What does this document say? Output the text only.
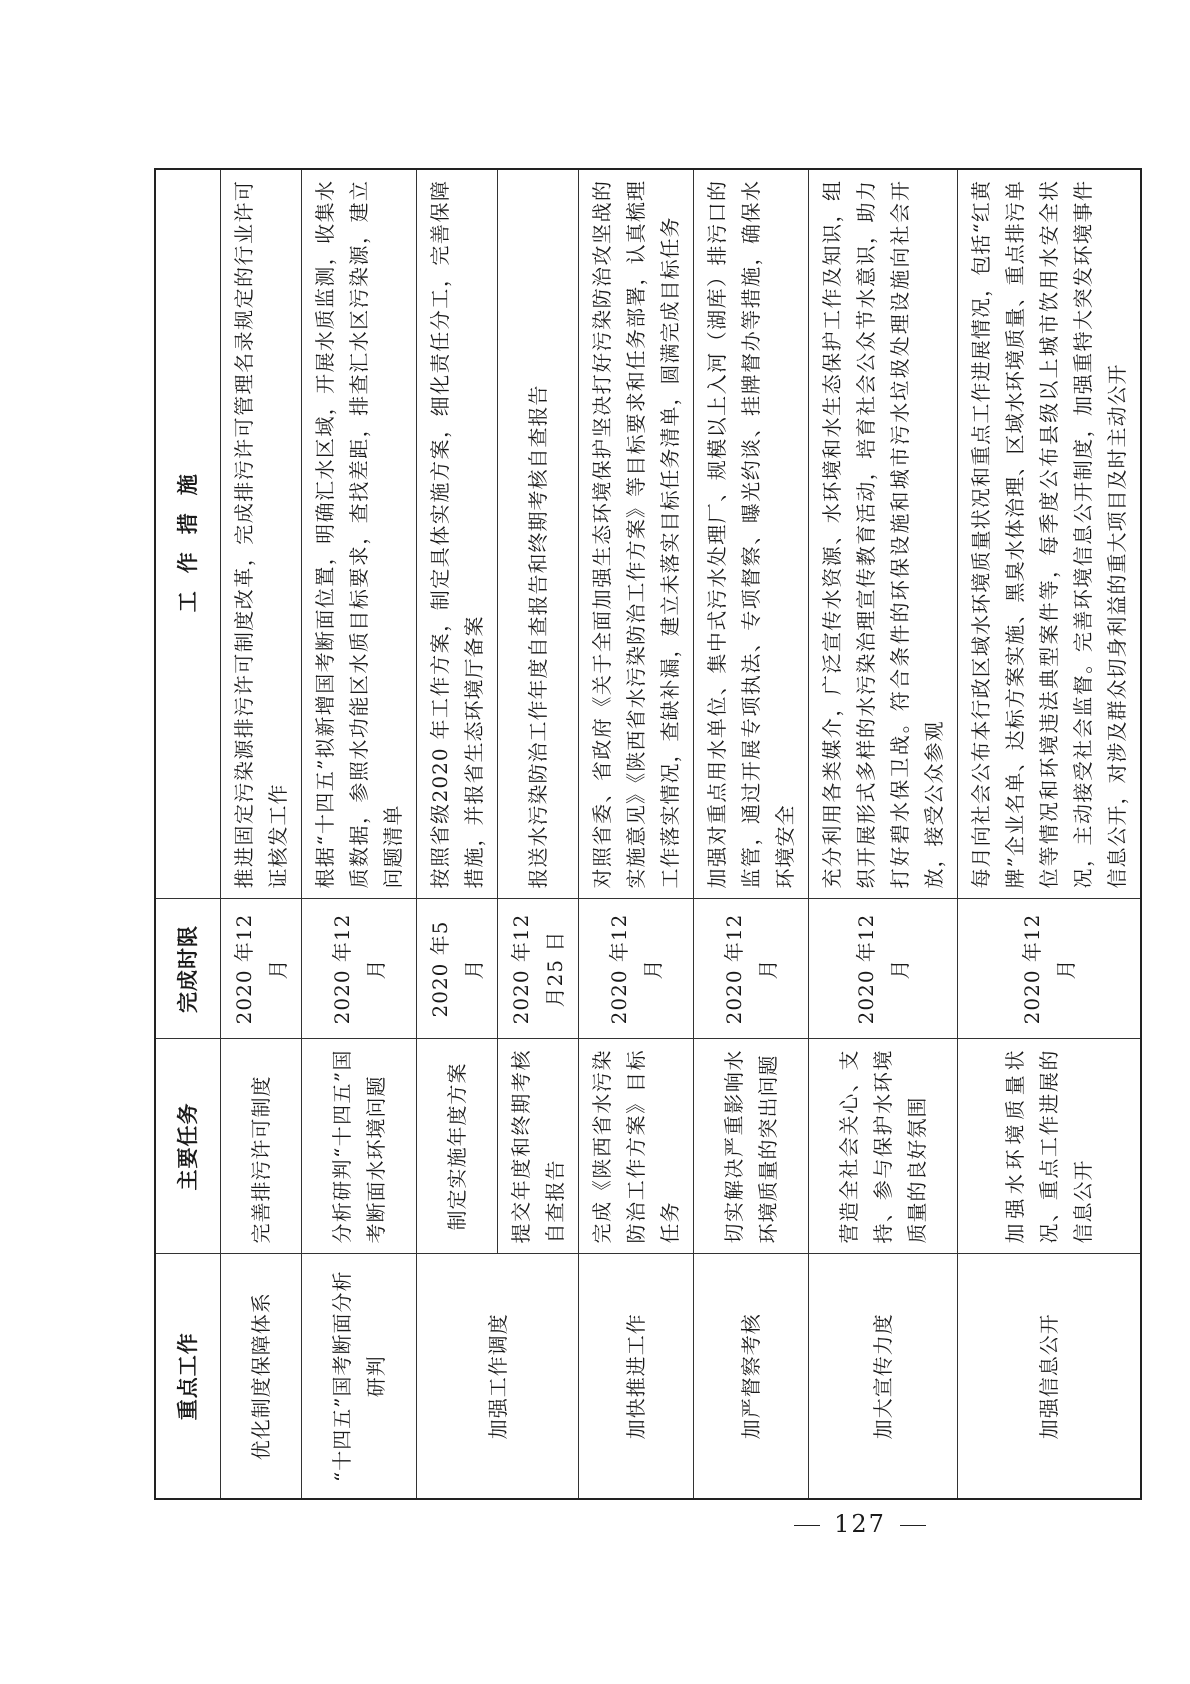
重点工作	主要任务	完成时限	工作措施
优化制度保障体系	完善排污许可制度	2020 年12 月	推进固定污染源排污许可制度改革，完成排污许可管理名录规定的行业许可证核发工作
“十四五”国考断面分析研判	分析研判“十四五”国考断面水环境问题	2020 年12 月	根据“十四五”拟新增国考断面位置，明确汇水区域，开展水质监测，收集水质数据，参照水功能区水质目标要求，查找差距，排查汇水区污染源，建立问题清单
加强工作调度	制定实施年度方案	2020 年5 月	按照省级2020 年工作方案，制定具体实施方案，细化责任分工，完善保障措施，并报省生态环境厅备案
	提交年度和终期考核自查报告	2020 年12 月25 日	报送水污染防治工作年度自查报告和终期考核自查报告
加快推进工作	完成《陕西省水污染防治工作方案》目标任务	2020 年12 月	对照省委、省政府《关于全面加强生态环境保护坚决打好污染防治攻坚战的实施意见》《陕西省水污染防治工作方案》等目标要求和任务部署，认真梳理工作落实情况，查缺补漏，建立未落实目标任务清单，圆满完成目标任务
加严督察考核	切实解决严重影响水环境质量的突出问题	2020 年12 月	加强对重点用水单位、集中式污水处理厂、规模以上入河（湖库）排污口的监管，通过开展专项执法、专项督察、曝光约谈、挂牌督办等措施，确保水环境安全
加大宣传力度	营造全社会关心、支持、参与保护水环境质量的良好氛围	2020 年12 月	充分利用各类媒介，广泛宣传水资源、水环境和水生态保护工作及知识，组织开展形式多样的水污染治理宣传教育活动，培育社会公众节水意识，助力打好碧水保卫战。符合条件的环保设施和城市污水垃圾处理设施向社会开放，接受公众参观
加强信息公开	加强水环境质量状况、重点工作进展的信息公开	2020 年12 月	每月向社会公布本行政区域水环境质量状况和重点工作进展情况，包括“红黄牌”企业名单、达标方案实施、黑臭水体治理、区域水环境质量、重点排污单位等情况和环境违法典型案件等，每季度公布县级以上城市饮用水安全状况，主动接受社会监督。完善环境信息公开制度，加强重特大突发环境事件信息公开，对涉及群众切身利益的重大项目及时主动公开
127
